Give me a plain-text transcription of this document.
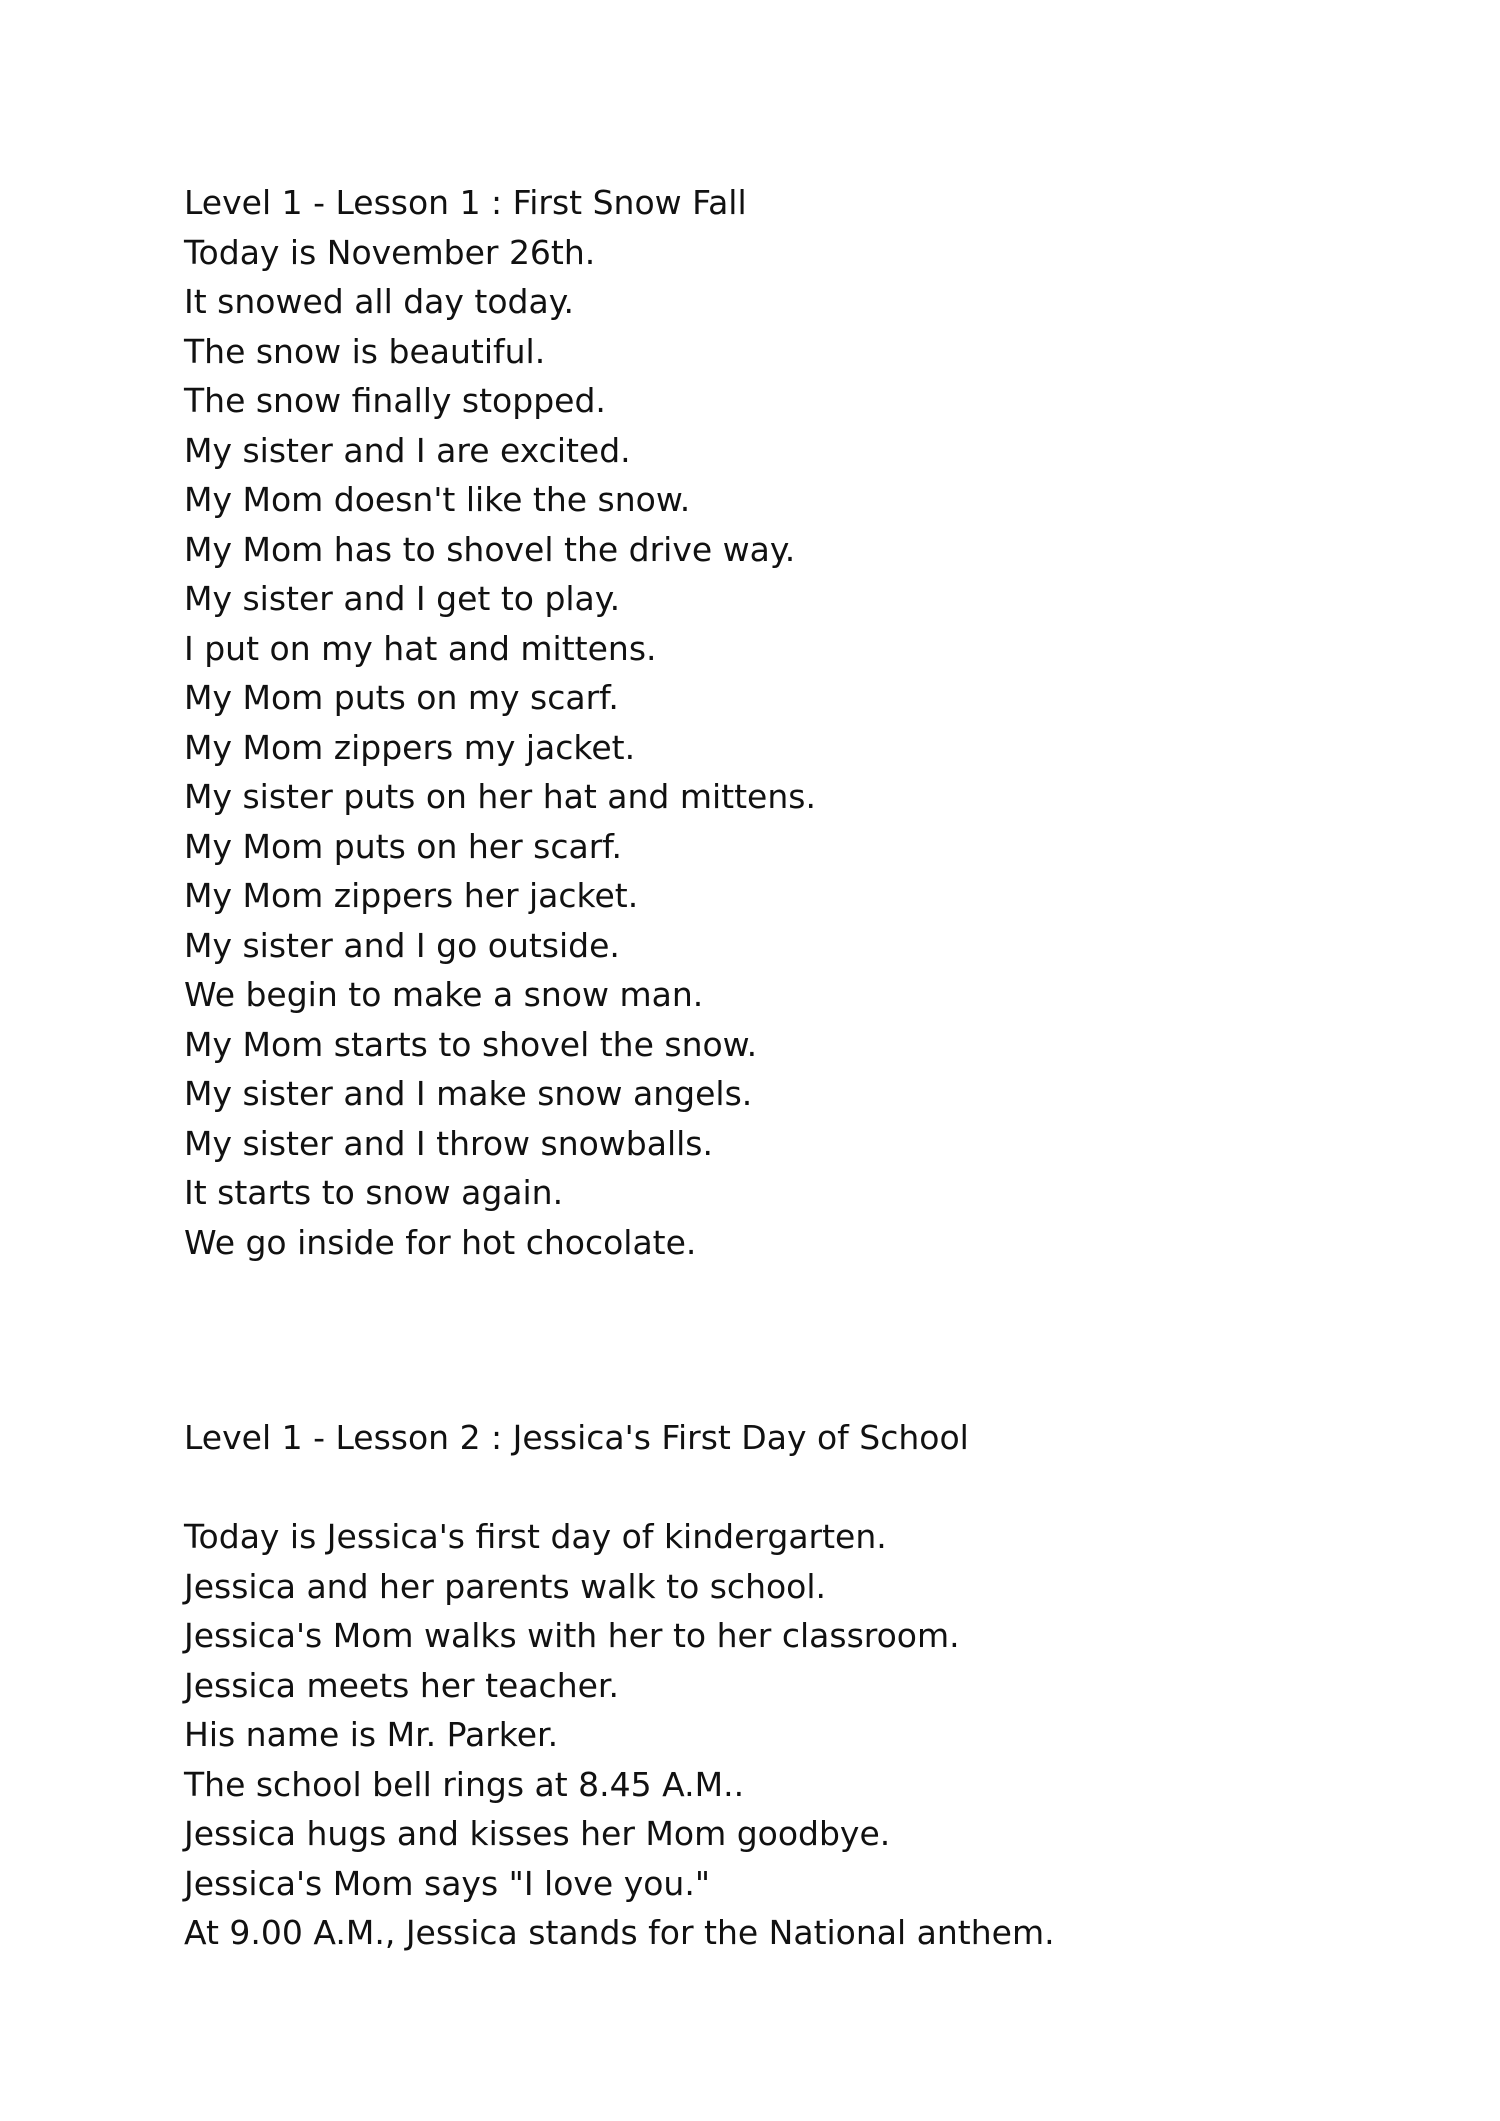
Level 1 - Lesson 1 : First Snow Fall

Today is November 26th.

It snowed all day today.

The snow is beautiful.

The snow finally stopped.

My sister and I are excited.

My Mom doesn't like the snow.

My Mom has to shovel the drive way.

My sister and I get to play.

I put on my hat and mittens.

My Mom puts on my scarf.

My Mom zippers my jacket.

My sister puts on her hat and mittens.

My Mom puts on her scarf.

My Mom zippers her jacket.

My sister and I go outside.

We begin to make a snow man.

My Mom starts to shovel the snow.

My sister and I make snow angels.

My sister and I throw snowballs.

It starts to snow again.

We go inside for hot chocolate.

Level 1 - Lesson 2 : Jessica's First Day of School

Today is Jessica's first day of kindergarten.

Jessica and her parents walk to school.

Jessica's Mom walks with her to her classroom.

Jessica meets her teacher.

His name is Mr. Parker.

The school bell rings at 8.45 A.M..

Jessica hugs and kisses her Mom goodbye.

Jessica's Mom says "I love you."

At 9.00 A.M., Jessica stands for the National anthem.
